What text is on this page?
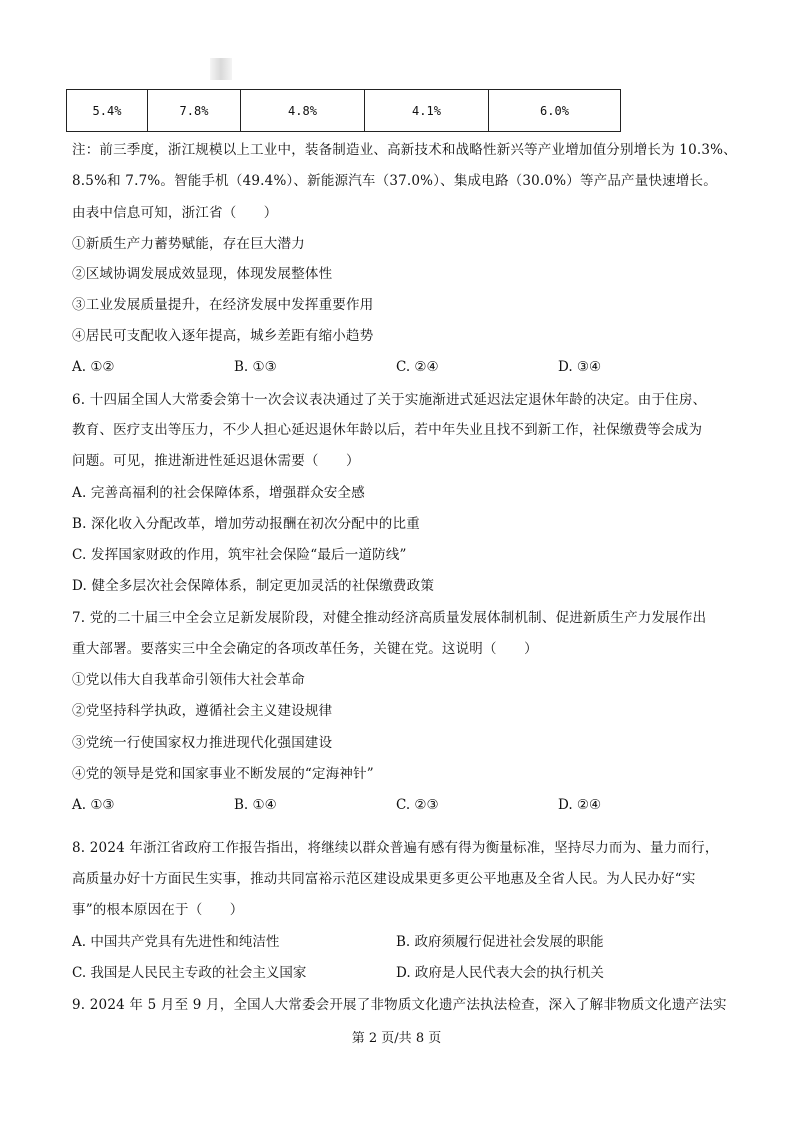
5.4%	7.8%	4.8%	4.1%	6.0%
注：前三季度，浙江规模以上工业中，装备制造业、高新技术和战略性新兴等产业增加值分别增长为 10.3%、
8.5%和 7.7%。智能手机（49.4%）、新能源汽车（37.0%）、集成电路（30.0%）等产品产量快速增长。
由表中信息可知，浙江省（　　）
①新质生产力蓄势赋能，存在巨大潜力
②区域协调发展成效显现，体现发展整体性
③工业发展质量提升，在经济发展中发挥重要作用
④居民可支配收入逐年提高，城乡差距有缩小趋势
A. ①②	B. ①③	C. ②④	D. ③④
6. 十四届全国人大常委会第十一次会议表决通过了关于实施渐进式延迟法定退休年龄的决定。由于住房、
教育、医疗支出等压力，不少人担心延迟退休年龄以后，若中年失业且找不到新工作，社保缴费等会成为
问题。可见，推进渐进性延迟退休需要（　　）
A. 完善高福利的社会保障体系，增强群众安全感
B. 深化收入分配改革，增加劳动报酬在初次分配中的比重
C. 发挥国家财政的作用，筑牢社会保险“最后一道防线”
D. 健全多层次社会保障体系，制定更加灵活的社保缴费政策
7. 党的二十届三中全会立足新发展阶段，对健全推动经济高质量发展体制机制、促进新质生产力发展作出
重大部署。要落实三中全会确定的各项改革任务，关键在党。这说明（　　）
①党以伟大自我革命引领伟大社会革命
②党坚持科学执政，遵循社会主义建设规律
③党统一行使国家权力推进现代化强国建设
④党的领导是党和国家事业不断发展的“定海神针”
A. ①③	B. ①④	C. ②③	D. ②④
8. 2024 年浙江省政府工作报告指出，将继续以群众普遍有感有得为衡量标准，坚持尽力而为、量力而行，
高质量办好十方面民生实事，推动共同富裕示范区建设成果更多更公平地惠及全省人民。为人民办好“实
事”的根本原因在于（　　）
A. 中国共产党具有先进性和纯洁性	B. 政府须履行促进社会发展的职能
C. 我国是人民民主专政的社会主义国家	D. 政府是人民代表大会的执行机关
9. 2024 年 5 月至 9 月，全国人大常委会开展了非物质文化遗产法执法检查，深入了解非物质文化遗产法实
第 2 页/共 8 页
